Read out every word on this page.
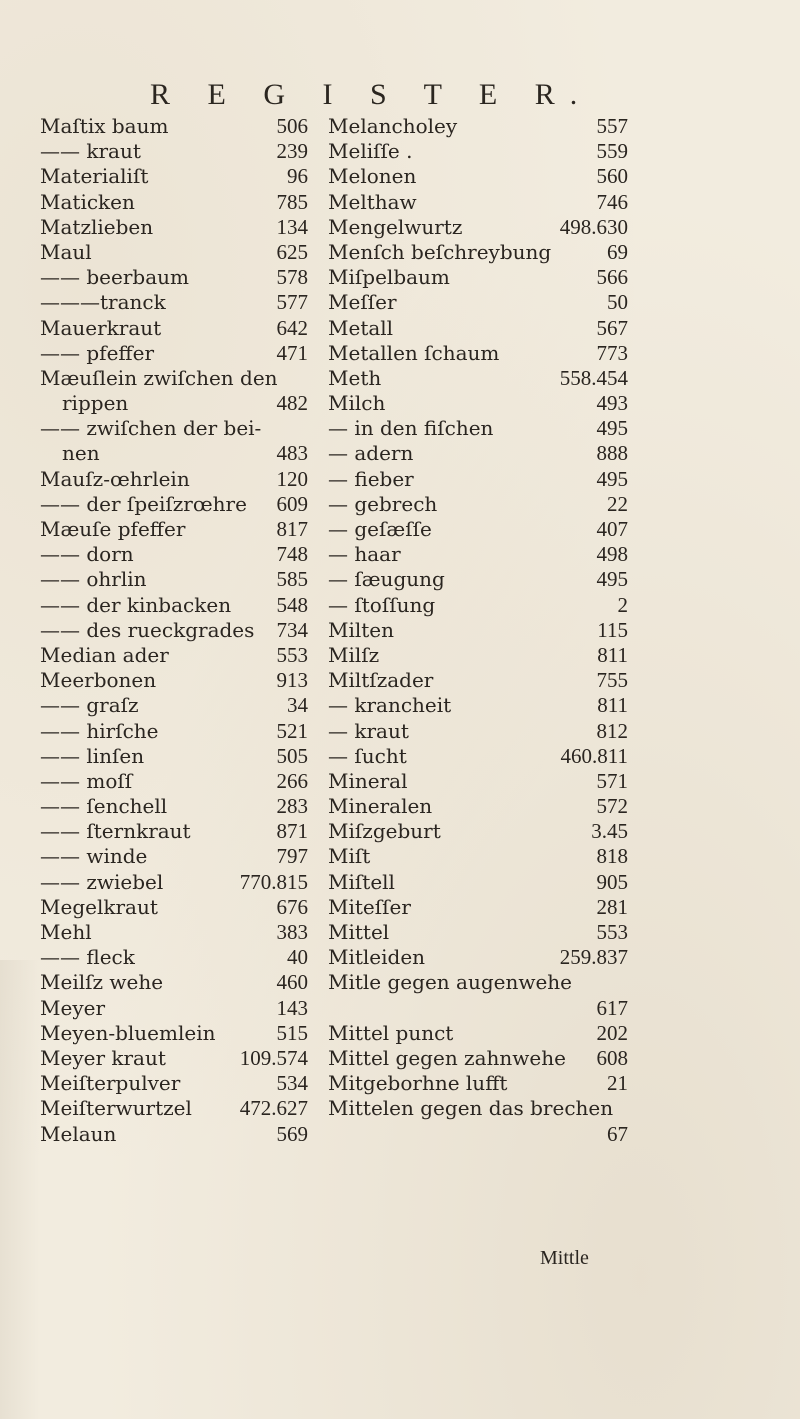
R E G I S T E R.
Maſtix baum	506
—— kraut	239
Materialiſt	96
Maticken	785
Matzlieben	134
Maul	625
—— beerbaum	578
———tranck	577
Mauerkraut	642
—— pfeffer	471
Mæuſlein zwiſchen den
rippen	482
—— zwiſchen der bei-
nen	483
Mauſz-œhrlein	120
—— der ſpeiſzrœhre 609
Mæuſe pfeffer	817
—— dorn	748
—— ohrlin	585
—— der kinbacken 548
—— des rueckgrades 734
Median ader	553
Meerbonen	913
—— graſz	34
—— hirſche	521
—— linſen	505
—— moſſ	266
—— ſenchell	283
—— ſternkraut	871
—— winde	797
—— zwiebel	770.815
Megelkraut	676
Mehl	383
—— fleck	40
Meilſz wehe	460
Meyer	143
Meyen-bluemlein	515
Meyer kraut	109.574
Meiſterpulver	534
Meiſterwurtzel 472.627
Melaun	569
Melancholey	557
Meliſſe .	559
Melonen	560
Melthaw	746
Mengelwurtz	498.630
Menſch beſchreybung	69
Miſpelbaum	566
Meſſer	50
Metall	567
Metallen ſchaum	773
Meth	558.454
Milch	493
— in den fiſchen	495
— adern	888
— fieber	495
— gebrech	22
— geſæſſe	407
— haar	498
— ſæugung	495
— ſtoſſung	2
Milten	115
Milſz	811
Miltſzader	755
— krancheit	811
— kraut	812
— ſucht	460.811
Mineral	571
Mineralen	572
Miſzgeburt	3.45
Miſt	818
Miſtell	905
Miteſſer	281
Mittel	553
Mitleiden	259.837
Mitle gegen augenwehe
617
Mittel punct	202
Mittel gegen zahnwehe 608
Mitgeborhne lufft	21
Mittelen gegen das brechen
67
Mittle
